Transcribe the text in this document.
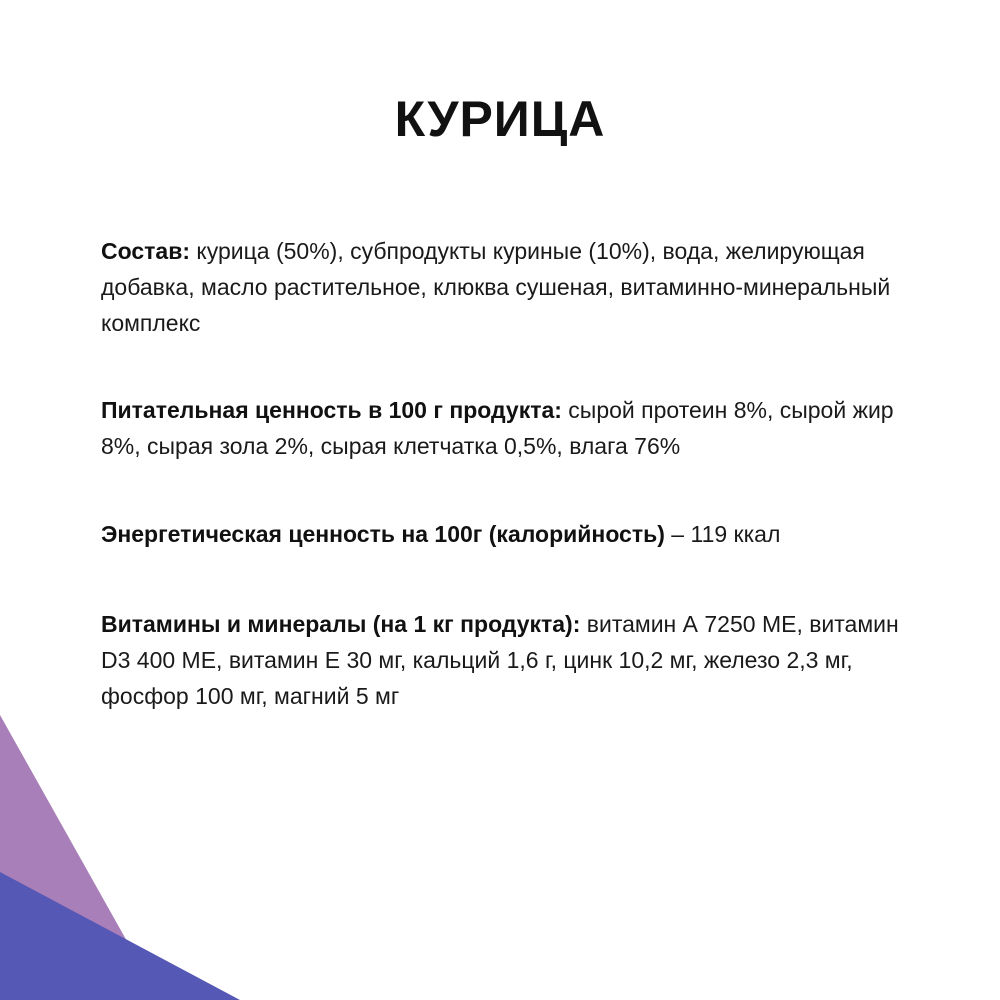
КУРИЦА

Состав: курица (50%), субпродукты куриные (10%), вода, желирующая добавка, масло растительное, клюква сушеная, витаминно-минеральный комплекс

Питательная ценность в 100 г продукта: сырой протеин 8%, сырой жир 8%, сырая зола 2%, сырая клетчатка 0,5%, влага 76%

Энергетическая ценность на 100г (калорийность) – 119 ккал

Витамины и минералы (на 1 кг продукта): витамин А 7250 МЕ, витамин D3 400 МЕ, витамин Е 30 мг, кальций 1,6 г, цинк 10,2 мг, железо 2,3 мг, фосфор 100 мг, магний 5 мг
